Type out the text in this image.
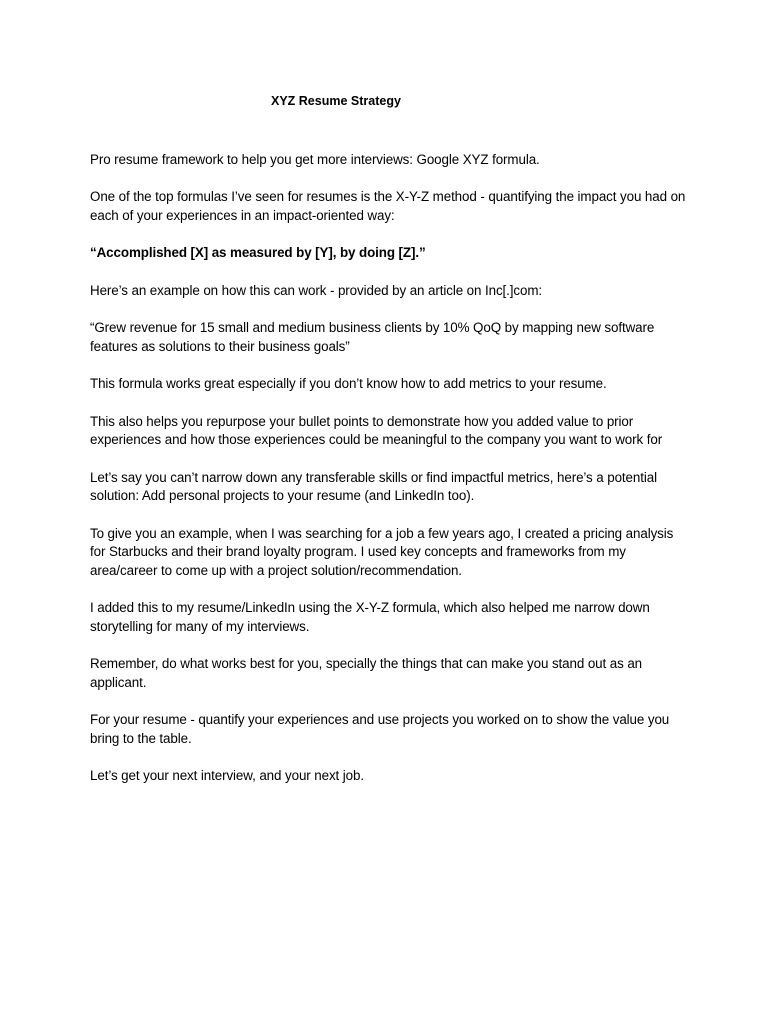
XYZ Resume Strategy

Pro resume framework to help you get more interviews: Google XYZ formula.

One of the top formulas I’ve seen for resumes is the X-Y-Z method - quantifying the impact you had on each of your experiences in an impact-oriented way:

“Accomplished [X] as measured by [Y], by doing [Z].”

Here’s an example on how this can work - provided by an article on Inc[.]com:

“Grew revenue for 15 small and medium business clients by 10% QoQ by mapping new software features as solutions to their business goals”

This formula works great especially if you don’t know how to add metrics to your resume.

This also helps you repurpose your bullet points to demonstrate how you added value to prior experiences and how those experiences could be meaningful to the company you want to work for

Let’s say you can’t narrow down any transferable skills or find impactful metrics, here’s a potential solution: Add personal projects to your resume (and LinkedIn too).

To give you an example, when I was searching for a job a few years ago, I created a pricing analysis for Starbucks and their brand loyalty program. I used key concepts and frameworks from my area/career to come up with a project solution/recommendation.

I added this to my resume/LinkedIn using the X-Y-Z formula, which also helped me narrow down storytelling for many of my interviews.

Remember, do what works best for you, specially the things that can make you stand out as an applicant.

For your resume - quantify your experiences and use projects you worked on to show the value you bring to the table.

Let’s get your next interview, and your next job.
